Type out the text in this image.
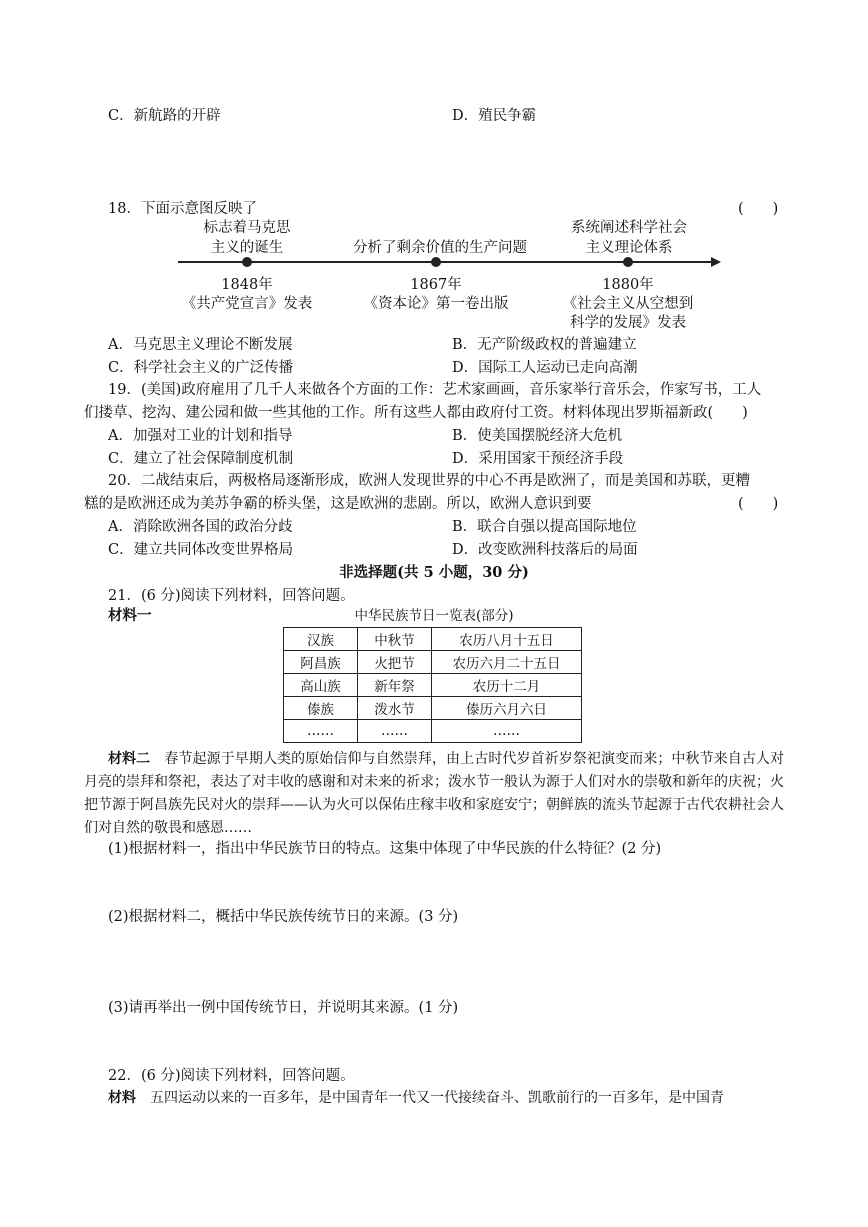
C．新航路的开辟	D．殖民争霸
18．下面示意图反映了	(　　)
标志着马克思
主义的诞生	分析了剩余价值的生产问题
系统阐述科学社会
主义理论体系
1848年
《共产党宣言》发表
1867年
《资本论》第一卷出版
1880年
《社会主义从空想到
科学的发展》发表
A．马克思主义理论不断发展	B．无产阶级政权的普遍建立
C．科学社会主义的广泛传播	D．国际工人运动已走向高潮
19．(美国)政府雇用了几千人来做各个方面的工作：艺术家画画，音乐家举行音乐会，作家写书，工人
们搂草、挖沟、建公园和做一些其他的工作。所有这些人都由政府付工资。材料体现出罗斯福新政(　　)
A．加强对工业的计划和指导	B．使美国摆脱经济大危机
C．建立了社会保障制度机制	D．采用国家干预经济手段
20．二战结束后，两极格局逐渐形成，欧洲人发现世界的中心不再是欧洲了，而是美国和苏联，更糟
糕的是欧洲还成为美苏争霸的桥头堡，这是欧洲的悲剧。所以，欧洲人意识到要	(　　)
A．消除欧洲各国的政治分歧	B．联合自强以提高国际地位
C．建立共同体改变世界格局	D．改变欧洲科技落后的局面
非选择题(共 5 小题，30 分)
21．(6 分)阅读下列材料，回答问题。
材料一	中华民族节日一览表(部分)
汉族	中秋节	农历八月十五日
阿昌族	火把节	农历六月二十五日
高山族	新年祭	农历十二月
傣族	泼水节	傣历六月六日
……	……	……
材料二　 春节起源于早期人类的原始信仰与自然崇拜，由上古时代岁首祈岁祭祀演变而来；中秋节来自古人对月亮的崇拜和祭祀，表达了对丰收的感谢和对未来的祈求；泼水节一般认为源于人们对水的崇敬和新年的庆祝；火把节源于阿昌族先民对火的崇拜——认为火可以保佑庄稼丰收和家庭安宁；朝鲜族的流头节起源于古代农耕社会人们对自然的敬畏和感恩……
(1)根据材料一，指出中华民族节日的特点。这集中体现了中华民族的什么特征？(2 分)
(2)根据材料二，概括中华民族传统节日的来源。(3 分)
(3)请再举出一例中国传统节日，并说明其来源。(1 分)
22．(6 分)阅读下列材料，回答问题。
材料　 五四运动以来的一百多年，是中国青年一代又一代接续奋斗、凯歌前行的一百多年，是中国青
